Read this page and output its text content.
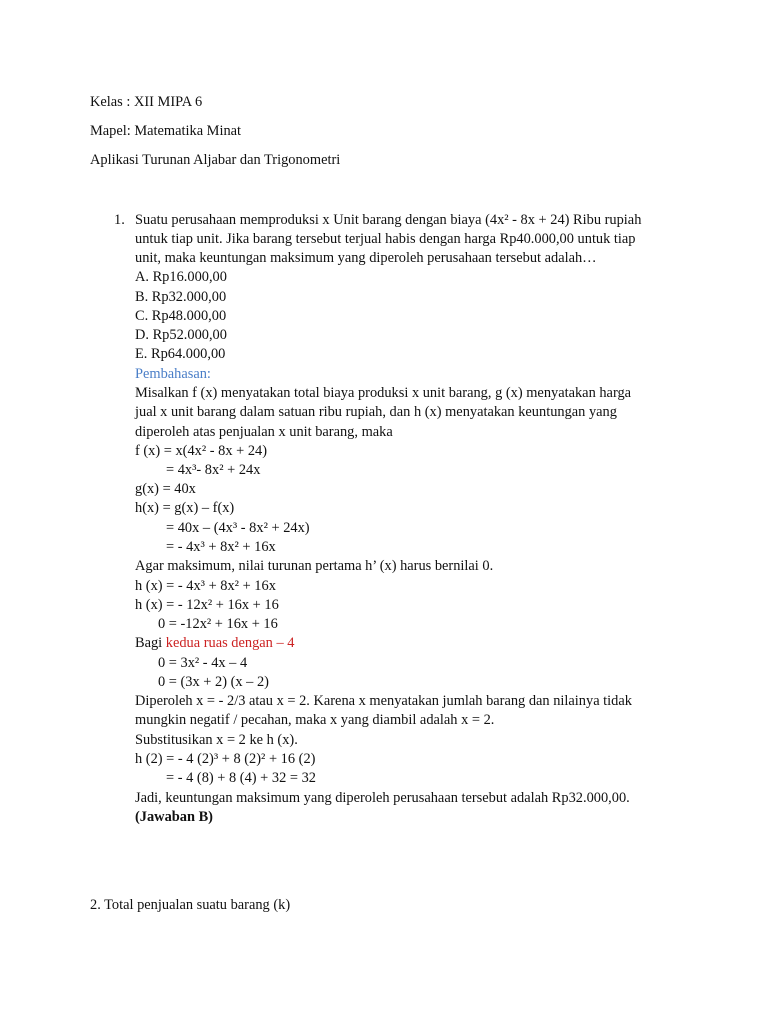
Kelas : XII MIPA 6
Mapel: Matematika Minat
Aplikasi Turunan Aljabar dan Trigonometri
1. Suatu perusahaan memproduksi x Unit barang dengan biaya (4x² - 8x + 24) Ribu rupiah
untuk tiap unit. Jika barang tersebut terjual habis dengan harga Rp40.000,00 untuk tiap
unit, maka keuntungan maksimum yang diperoleh perusahaan tersebut adalah…
A. Rp16.000,00
B. Rp32.000,00
C. Rp48.000,00
D. Rp52.000,00
E. Rp64.000,00
Pembahasan:
Misalkan f (x) menyatakan total biaya produksi x unit barang, g (x) menyatakan harga
jual x unit barang dalam satuan ribu rupiah, dan h (x) menyatakan keuntungan yang
diperoleh atas penjualan x unit barang, maka
f (x) = x(4x² - 8x + 24)
= 4x³- 8x² + 24x
g(x) = 40x
h(x) = g(x) – f(x)
= 40x – (4x³ - 8x² + 24x)
= - 4x³ + 8x² + 16x
Agar maksimum, nilai turunan pertama h’ (x) harus bernilai 0.
h (x) = - 4x³ + 8x² + 16x
h (x) = - 12x² + 16x + 16
0 = -12x² + 16x + 16
Bagi kedua ruas dengan – 4
0 = 3x² - 4x – 4
0 = (3x + 2) (x – 2)
Diperoleh x = - 2/3 atau x = 2. Karena x menyatakan jumlah barang dan nilainya tidak
mungkin negatif / pecahan, maka x yang diambil adalah x = 2.
Substitusikan x = 2 ke h (x).
h (2) = - 4 (2)³ + 8 (2)² + 16 (2)
= - 4 (8) + 8 (4) + 32 = 32
Jadi, keuntungan maksimum yang diperoleh perusahaan tersebut adalah Rp32.000,00.
(Jawaban B)
2. Total penjualan suatu barang (k)
